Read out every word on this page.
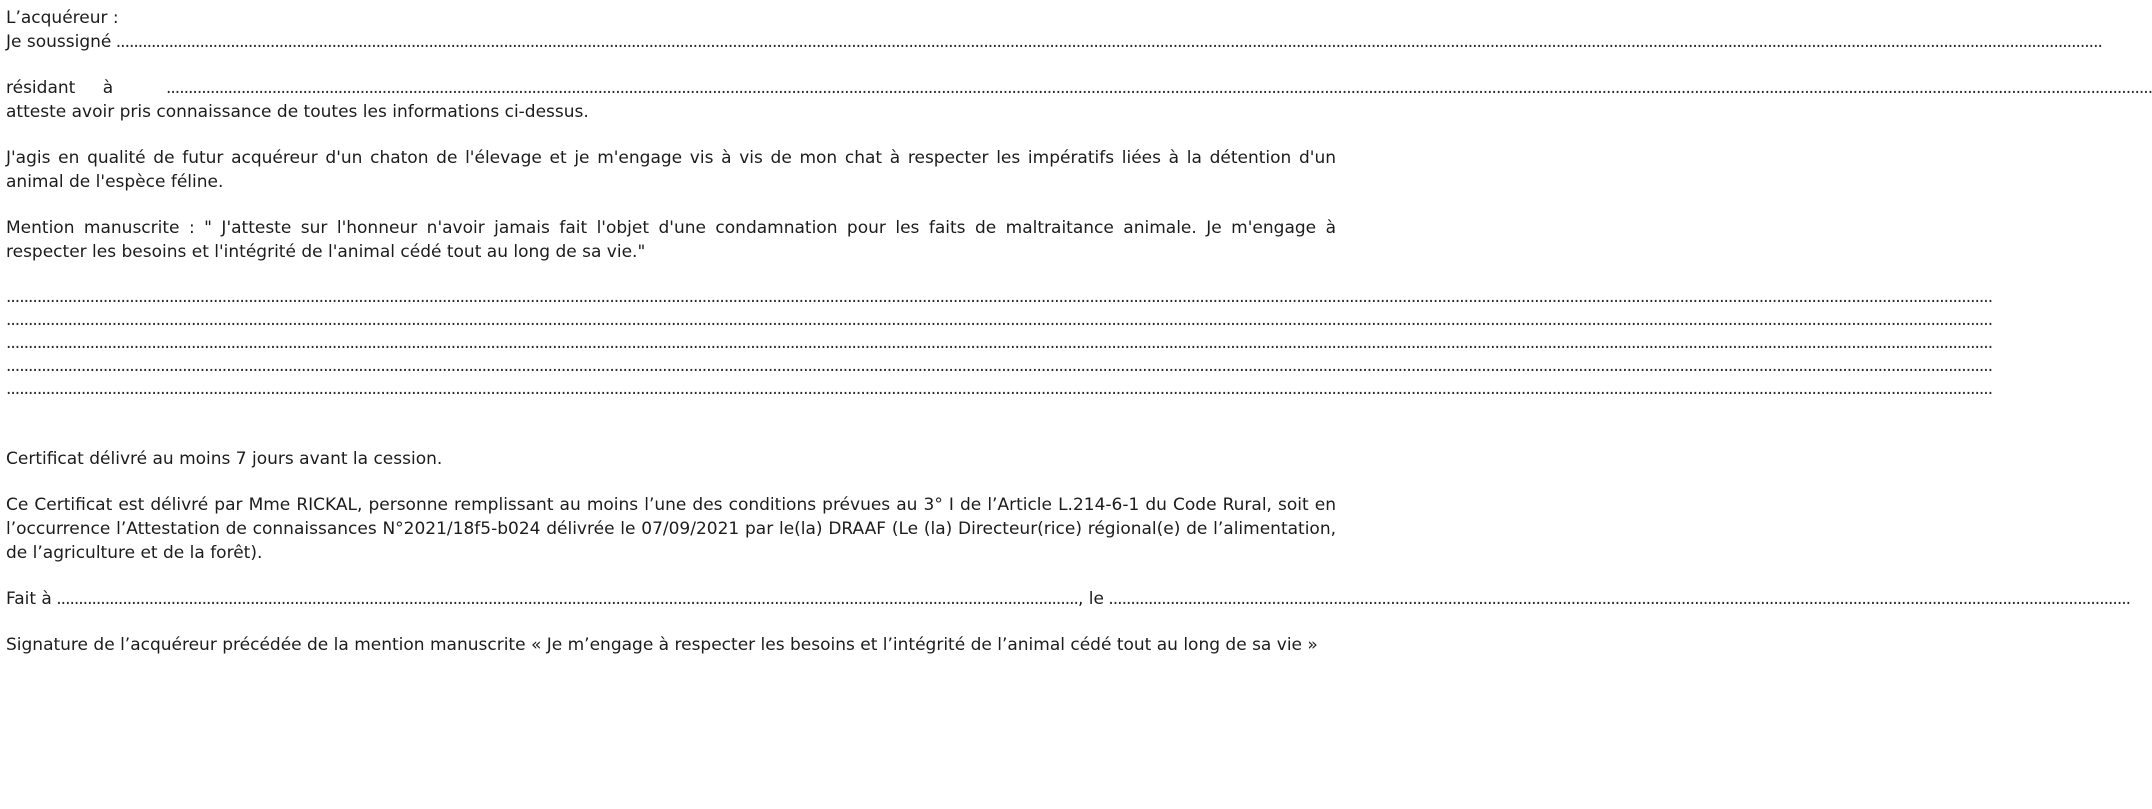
L’acquéreur :

Je soussigné ...................................................................................................................................................................................................................................................................................................................................................................................................................................................................
résidant à	...................................................................................................................................................................................................................................................................................................................................................................................................................................................................

atteste avoir pris connaissance de toutes les informations ci-dessus.

J'agis en qualité de futur acquéreur d'un chaton de l'élevage et je m'engage vis à vis de mon chat à respecter les impératifs liées à la détention d'un animal de l'espèce féline.

Mention manuscrite : " J'atteste sur l'honneur n'avoir jamais fait l'objet d'une condamnation pour les faits de maltraitance animale. Je m'engage à respecter les besoins et l'intégrité de l'animal cédé tout au long de sa vie."

...................................................................................................................................................................................................................................................................................................................................................................................................................................................................
...................................................................................................................................................................................................................................................................................................................................................................................................................................................................
...................................................................................................................................................................................................................................................................................................................................................................................................................................................................
...................................................................................................................................................................................................................................................................................................................................................................................................................................................................
...................................................................................................................................................................................................................................................................................................................................................................................................................................................................

Certificat délivré au moins 7 jours avant la cession.

Ce Certificat est délivré par Mme RICKAL, personne remplissant au moins l’une des conditions prévues au 3° I de l’Article L.214-6-1 du Code Rural, soit en l’occurrence l’Attestation de connaissances N°2021/18f5-b024 délivrée le 07/09/2021 par le(la) DRAAF (Le (la) Directeur(rice) régional(e) de l’alimentation, de l’agriculture et de la forêt).

Fait à ........................................................................................................................................................................................................................................ , le ........................................................................................................................................................................................................................................

Signature de l’acquéreur précédée de la mention manuscrite « Je m’engage à respecter les besoins et l’intégrité de l’animal cédé tout au long de sa vie »
